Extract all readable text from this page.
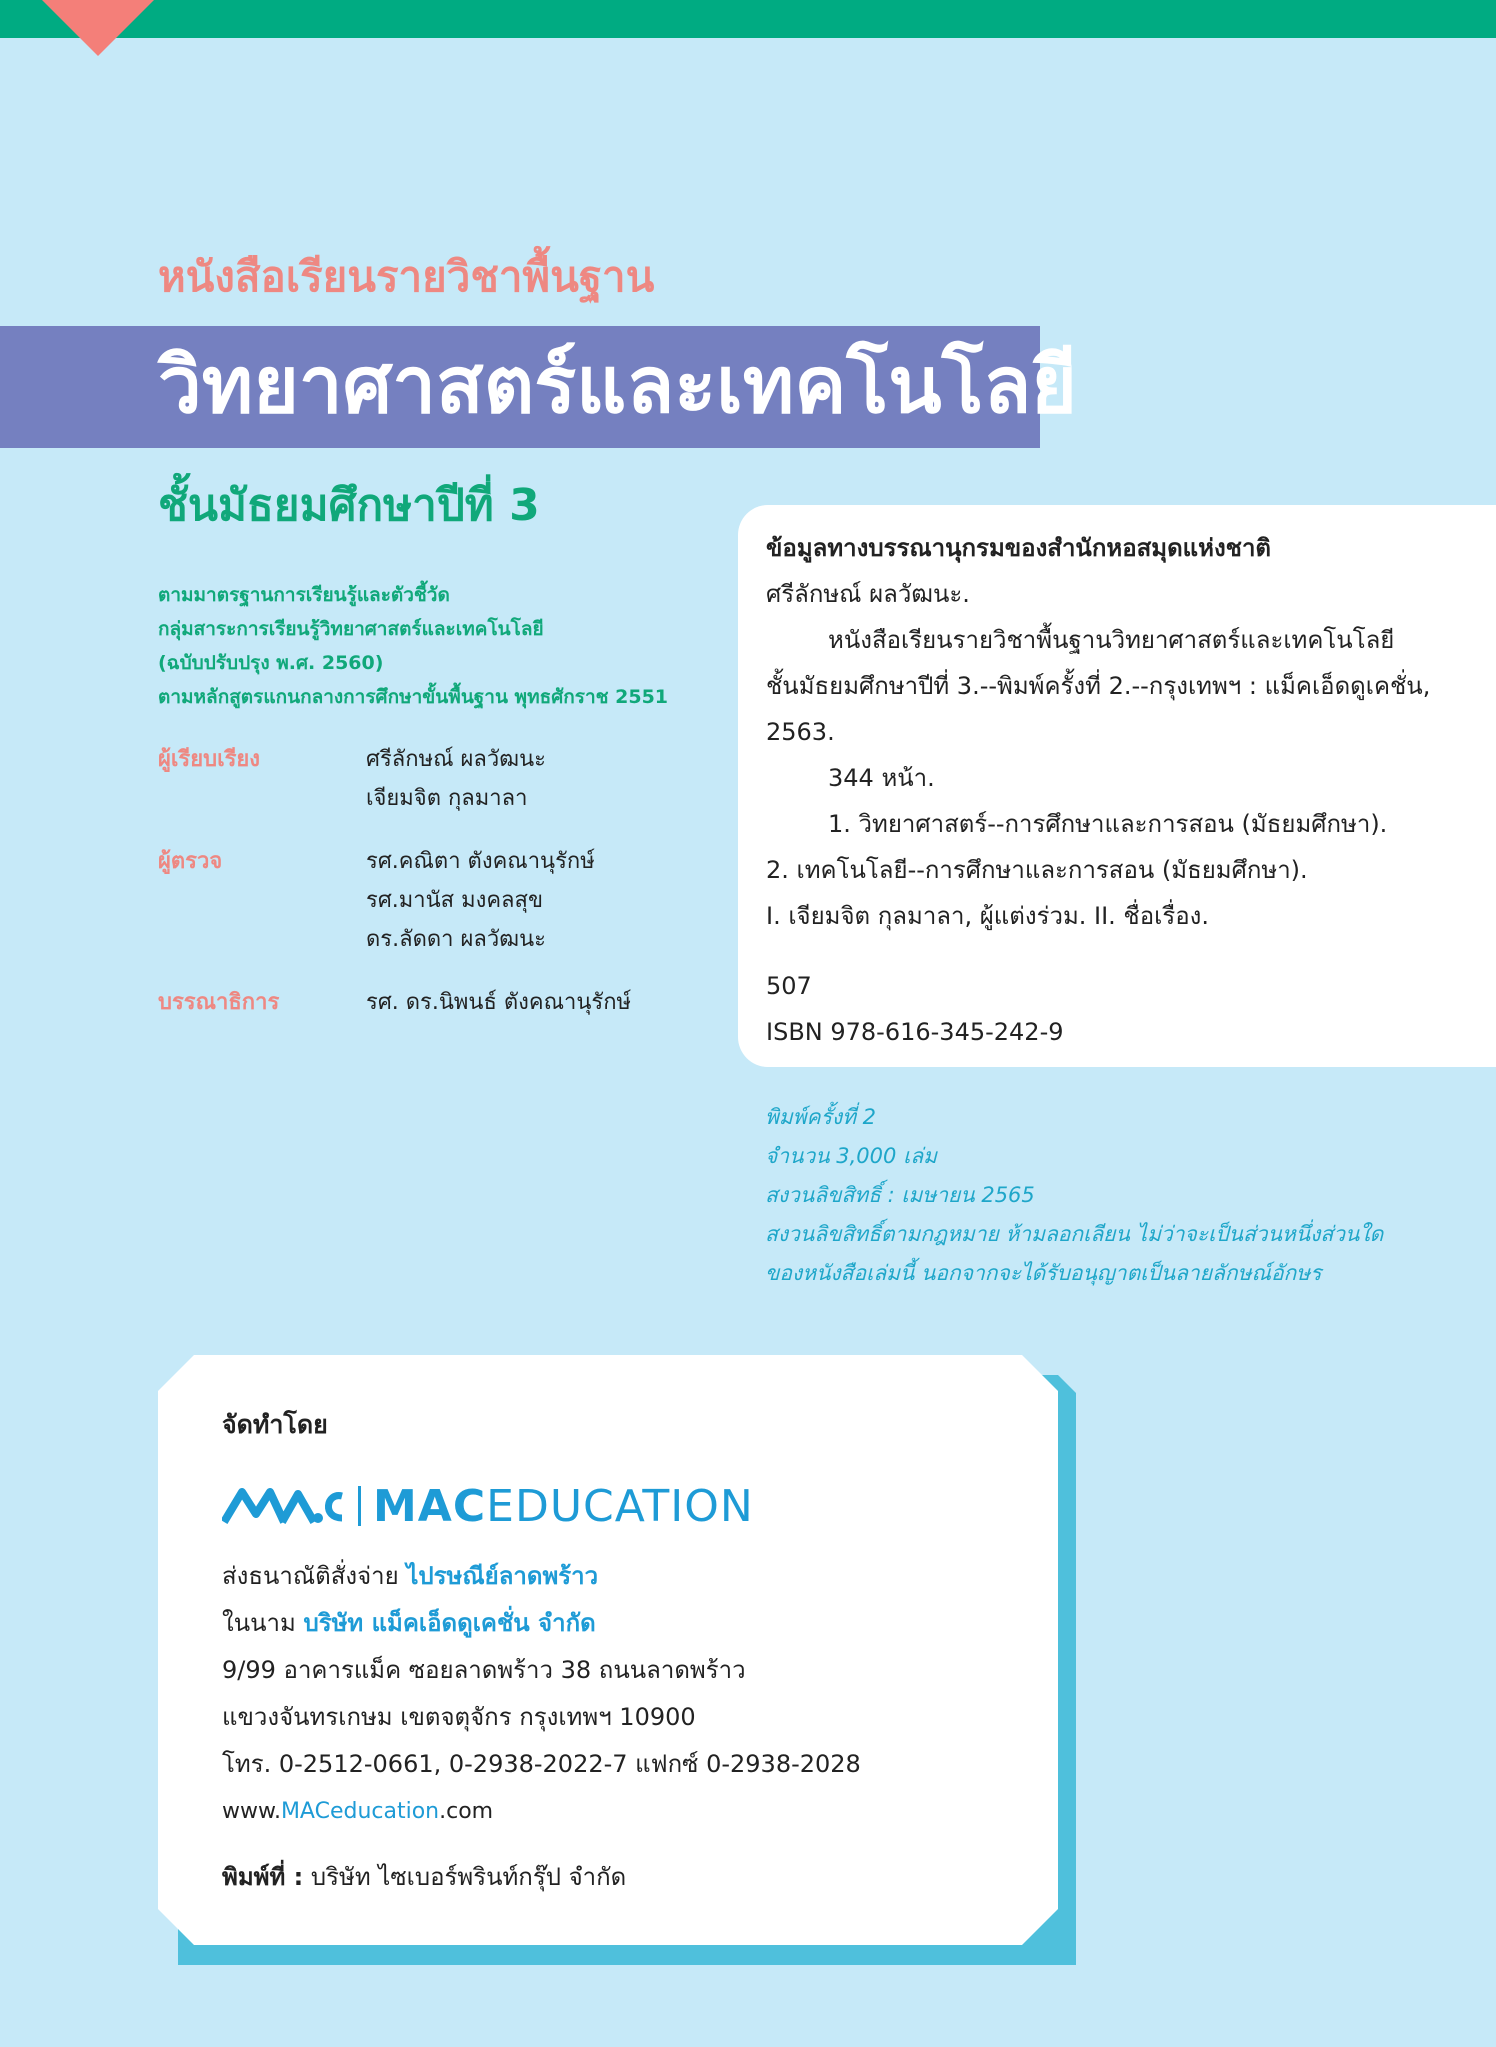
หนังสือเรียนรายวิชาพื้นฐาน
วิทยาศาสตร์และเทคโนโลยี
ชั้นมัธยมศึกษาปีที่ 3
ตามมาตรฐานการเรียนรู้และตัวชี้วัด
กลุ่มสาระการเรียนรู้วิทยาศาสตร์และเทคโนโลยี
(ฉบับปรับปรุง พ.ศ. 2560)
ตามหลักสูตรแกนกลางการศึกษาขั้นพื้นฐาน พุทธศักราช 2551
ผู้เรียบเรียง	ศรีลักษณ์ ผลวัฒนะ
เจียมจิต กุลมาลา
ผู้ตรวจ	รศ.คณิตา ตังคณานุรักษ์
รศ.มานัส มงคลสุข
ดร.ลัดดา ผลวัฒนะ
บรรณาธิการ	รศ. ดร.นิพนธ์ ตังคณานุรักษ์
ข้อมูลทางบรรณานุกรมของสำนักหอสมุดแห่งชาติ
ศรีลักษณ์ ผลวัฒนะ.
หนังสือเรียนรายวิชาพื้นฐานวิทยาศาสตร์และเทคโนโลยี
ชั้นมัธยมศึกษาปีที่ 3.--พิมพ์ครั้งที่ 2.--กรุงเทพฯ : แม็คเอ็ดดูเคชั่น,
2563.
344 หน้า.
1. วิทยาศาสตร์--การศึกษาและการสอน (มัธยมศึกษา).
2. เทคโนโลยี--การศึกษาและการสอน (มัธยมศึกษา).
I. เจียมจิต กุลมาลา, ผู้แต่งร่วม. II. ชื่อเรื่อง.
507
ISBN 978-616-345-242-9
พิมพ์ครั้งที่ 2
จำนวน 3,000 เล่ม
สงวนลิขสิทธิ์ : เมษายน 2565
สงวนลิขสิทธิ์ตามกฎหมาย ห้ามลอกเลียน ไม่ว่าจะเป็นส่วนหนึ่งส่วนใด
ของหนังสือเล่มนี้ นอกจากจะได้รับอนุญาตเป็นลายลักษณ์อักษร
จัดทำโดย
MAC EDUCATION
ส่งธนาณัติสั่งจ่าย ไปรษณีย์ลาดพร้าว
ในนาม บริษัท แม็คเอ็ดดูเคชั่น จำกัด
9/99 อาคารแม็ค ซอยลาดพร้าว 38 ถนนลาดพร้าว
แขวงจันทรเกษม เขตจตุจักร กรุงเทพฯ 10900
โทร. 0-2512-0661, 0-2938-2022-7 แฟกซ์ 0-2938-2028
www.MACeducation.com
พิมพ์ที่ : บริษัท ไซเบอร์พรินท์กรุ๊ป จำกัด
